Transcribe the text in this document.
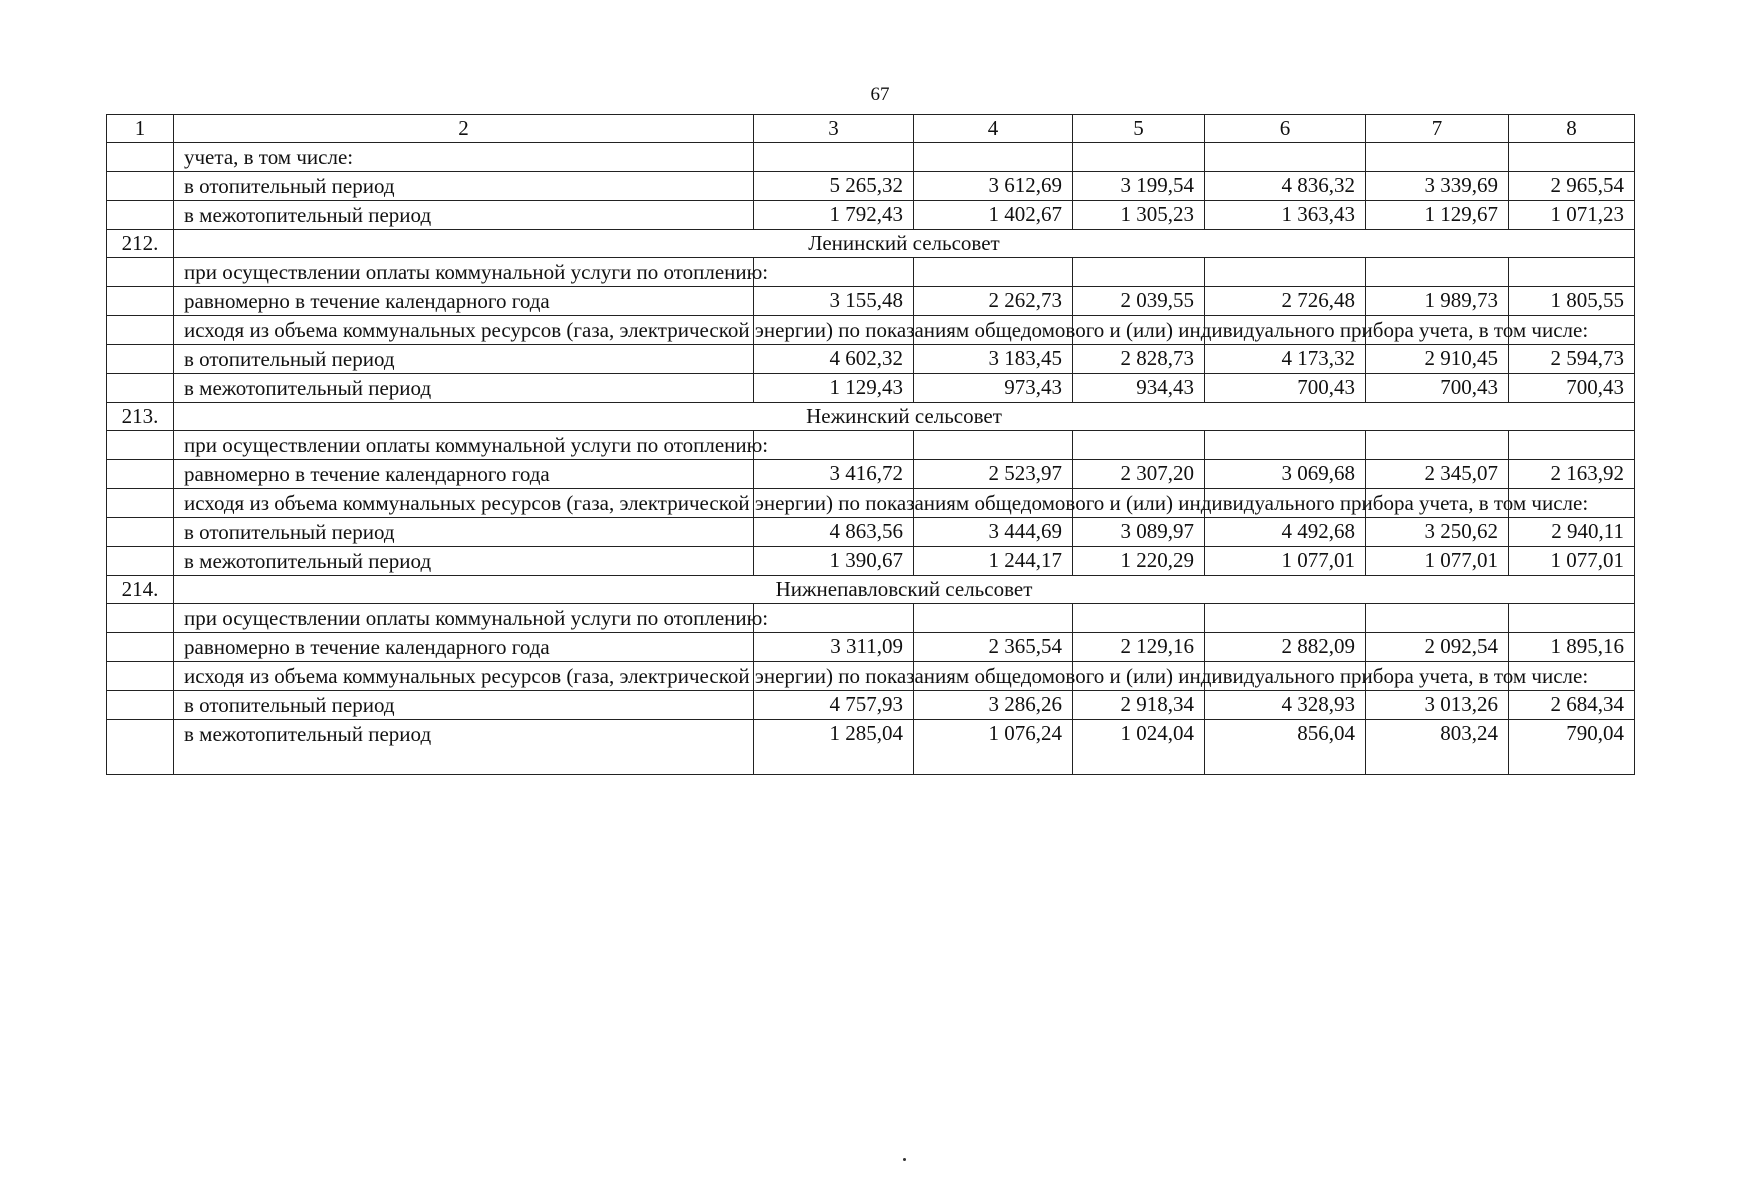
67
1	2	3	4	5	6	7	8
	учета, в том числе:						
	в отопительный период	5 265,32	3 612,69	3 199,54	4 836,32	3 339,69	2 965,54
	в межотопительный период	1 792,43	1 402,67	1 305,23	1 363,43	1 129,67	1 071,23
212.	Ленинский сельсовет						
	при осуществлении оплаты коммунальной услуги по отоплению:						
	равномерно в течение календарного года	3 155,48	2 262,73	2 039,55	2 726,48	1 989,73	1 805,55
	исходя из объема коммунальных ресурсов (газа, электрической энергии) по показаниям общедомового и (или) индивидуального прибора учета, в том числе:						
	в отопительный период	4 602,32	3 183,45	2 828,73	4 173,32	2 910,45	2 594,73
	в межотопительный период	1 129,43	973,43	934,43	700,43	700,43	700,43
213.	Нежинский сельсовет						
	при осуществлении оплаты коммунальной услуги по отоплению:						
	равномерно в течение календарного года	3 416,72	2 523,97	2 307,20	3 069,68	2 345,07	2 163,92
	исходя из объема коммунальных ресурсов (газа, электрической энергии) по показаниям общедомового и (или) индивидуального прибора учета, в том числе:						
	в отопительный период	4 863,56	3 444,69	3 089,97	4 492,68	3 250,62	2 940,11
	в межотопительный период	1 390,67	1 244,17	1 220,29	1 077,01	1 077,01	1 077,01
214.	Нижнепавловский сельсовет						
	при осуществлении оплаты коммунальной услуги по отоплению:						
	равномерно в течение календарного года	3 311,09	2 365,54	2 129,16	2 882,09	2 092,54	1 895,16
	исходя из объема коммунальных ресурсов (газа, электрической энергии) по показаниям общедомового и (или) индивидуального прибора учета, в том числе:						
	в отопительный период	4 757,93	3 286,26	2 918,34	4 328,93	3 013,26	2 684,34
	в межотопительный период	1 285,04	1 076,24	1 024,04	856,04	803,24	790,04
